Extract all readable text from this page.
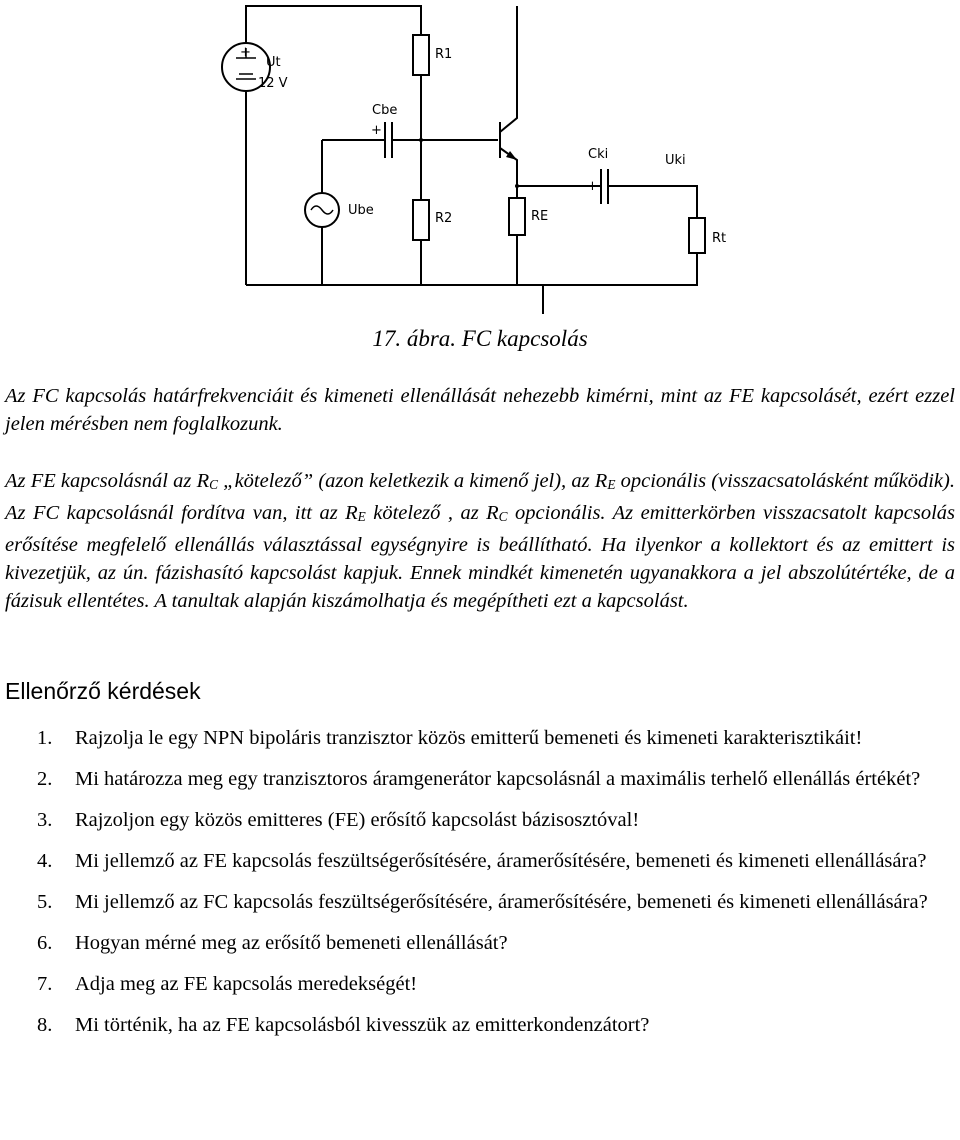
Ut
12 V
+	R1
Cbe
+
Ube
R2	RE
Cki
+
Uki
Rt
17. ábra. FC kapcsolás

Az FC kapcsolás határfrekvenciáit és kimeneti ellenállását nehezebb kimérni, mint az FE kapcsolásét, ezért ezzel jelen mérésben nem foglalkozunk.

Az FE kapcsolásnál az $R_C$ „kötelező” (azon keletkezik a kimenő jel), az $R_E$ opcionális (visszacsatolásként működik). Az FC kapcsolásnál fordítva van, itt az $R_E$ kötelező , az $R_C$ opcionális. Az emitterkörben visszacsatolt kapcsolás erősítése megfelelő ellenállás választással egységnyire is beállítható. Ha ilyenkor a kollektort és az emittert is kivezetjük, az ún. fázishasító kapcsolást kapjuk. Ennek mindkét kimenetén ugyanakkora a jel abszolútértéke, de a fázisuk ellentétes. A tanultak alapján kiszámolhatja és megépítheti ezt a kapcsolást.

Ellenőrző kérdések
1. Rajzolja le egy NPN bipoláris tranzisztor közös emitterű bemeneti és kimeneti karakterisztikáit!
2. Mi határozza meg egy tranzisztoros áramgenerátor kapcsolásnál a maximális terhelő ellenállás értékét?
3. Rajzoljon egy közös emitteres (FE) erősítő kapcsolást bázisosztóval!
4. Mi jellemző az FE kapcsolás feszültségerősítésére, áramerősítésére, bemeneti és kimeneti ellenállására?
5. Mi jellemző az FC kapcsolás feszültségerősítésére, áramerősítésére, bemeneti és kimeneti ellenállására?
6. Hogyan mérné meg az erősítő bemeneti ellenállását?
7. Adja meg az FE kapcsolás meredekségét!
8. Mi történik, ha az FE kapcsolásból kivesszük az emitterkondenzátort?
